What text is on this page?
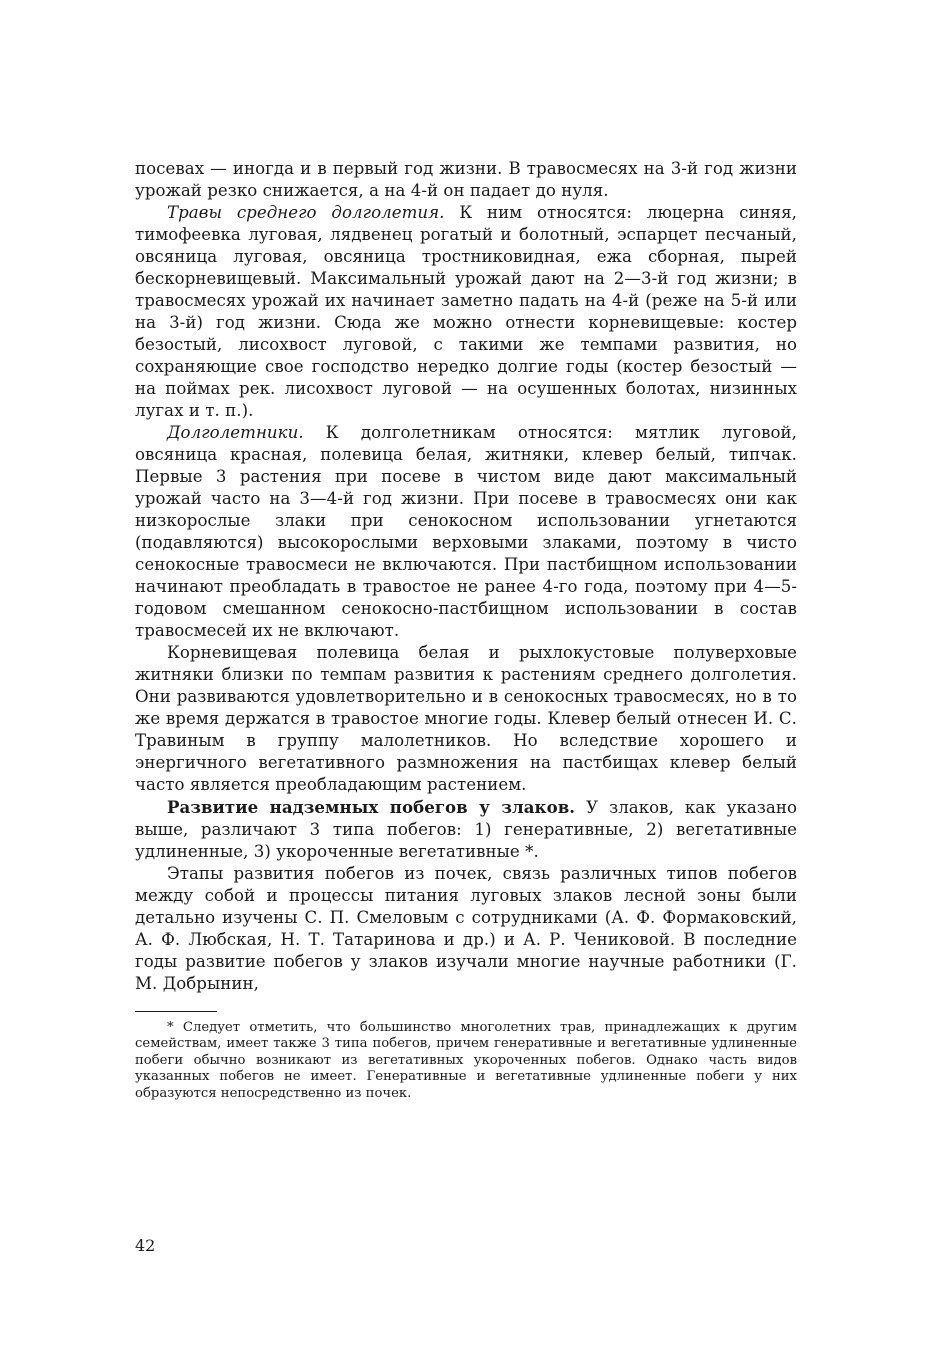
посевах — иногда и в первый год жизни. В травосмесях на 3-й год жизни урожай резко снижается, а на 4-й он падает до нуля.

Травы среднего долголетия. К ним относятся: люцерна синяя, тимофеевка луговая, лядвенец рогатый и болотный, эспарцет песчаный, овсяница луговая, овсяница тростниковидная, ежа сборная, пырей бескорневищевый. Максимальный урожай дают на 2—3-й год жизни; в травосмесях урожай их начинает заметно падать на 4-й (реже на 5-й или на 3-й) год жизни. Сюда же можно отнести корневищевые: костер безостый, лисохвост луговой, с такими же темпами развития, но сохраняющие свое господство нередко долгие годы (костер безостый — на поймах рек. лисохвост луговой — на осушенных болотах, низинных лугах и т. п.).

Долголетники. К долголетникам относятся: мятлик луговой, овсяница красная, полевица белая, житняки, клевер белый, типчак. Первые 3 растения при посеве в чистом виде дают максимальный урожай часто на 3—4-й год жизни. При посеве в травосмесях они как низкорослые злаки при сенокосном использовании угнетаются (подавляются) высокорослыми верховыми злаками, поэтому в чисто сенокосные травосмеси не включаются. При пастбищном использовании начинают преобладать в травостое не ранее 4-го года, поэтому при 4—5-годовом смешанном сенокосно-пастбищном использовании в состав травосмесей их не включают.

Корневищевая полевица белая и рыхлокустовые полуверховые житняки близки по темпам развития к растениям среднего долголетия. Они развиваются удовлетворительно и в сенокосных травосмесях, но в то же время держатся в травостое многие годы. Клевер белый отнесен И. С. Травиным в группу малолетников. Но вследствие хорошего и энергичного вегетативного размножения на пастбищах клевер белый часто является преобладающим растением.

Развитие надземных побегов у злаков. У злаков, как указано выше, различают 3 типа побегов: 1) генеративные, 2) вегетативные удлиненные, 3) укороченные вегетативные *.

Этапы развития побегов из почек, связь различных типов побегов между собой и процессы питания луговых злаков лесной зоны были детально изучены С. П. Смеловым с сотрудниками (А. Ф. Формаковский, А. Ф. Любская, Н. Т. Татаринова и др.) и А. Р. Чениковой. В последние годы развитие побегов у злаков изучали многие научные работники (Г. М. Добрынин,

* Следует отметить, что большинство многолетних трав, принадлежащих к другим семействам, имеет также 3 типа побегов, причем генеративные и вегетативные удлиненные побеги обычно возникают из вегетативных укороченных побегов. Однако часть видов указанных побегов не имеет. Генеративные и вегетативные удлиненные побеги у них образуются непосредственно из почек.

42
